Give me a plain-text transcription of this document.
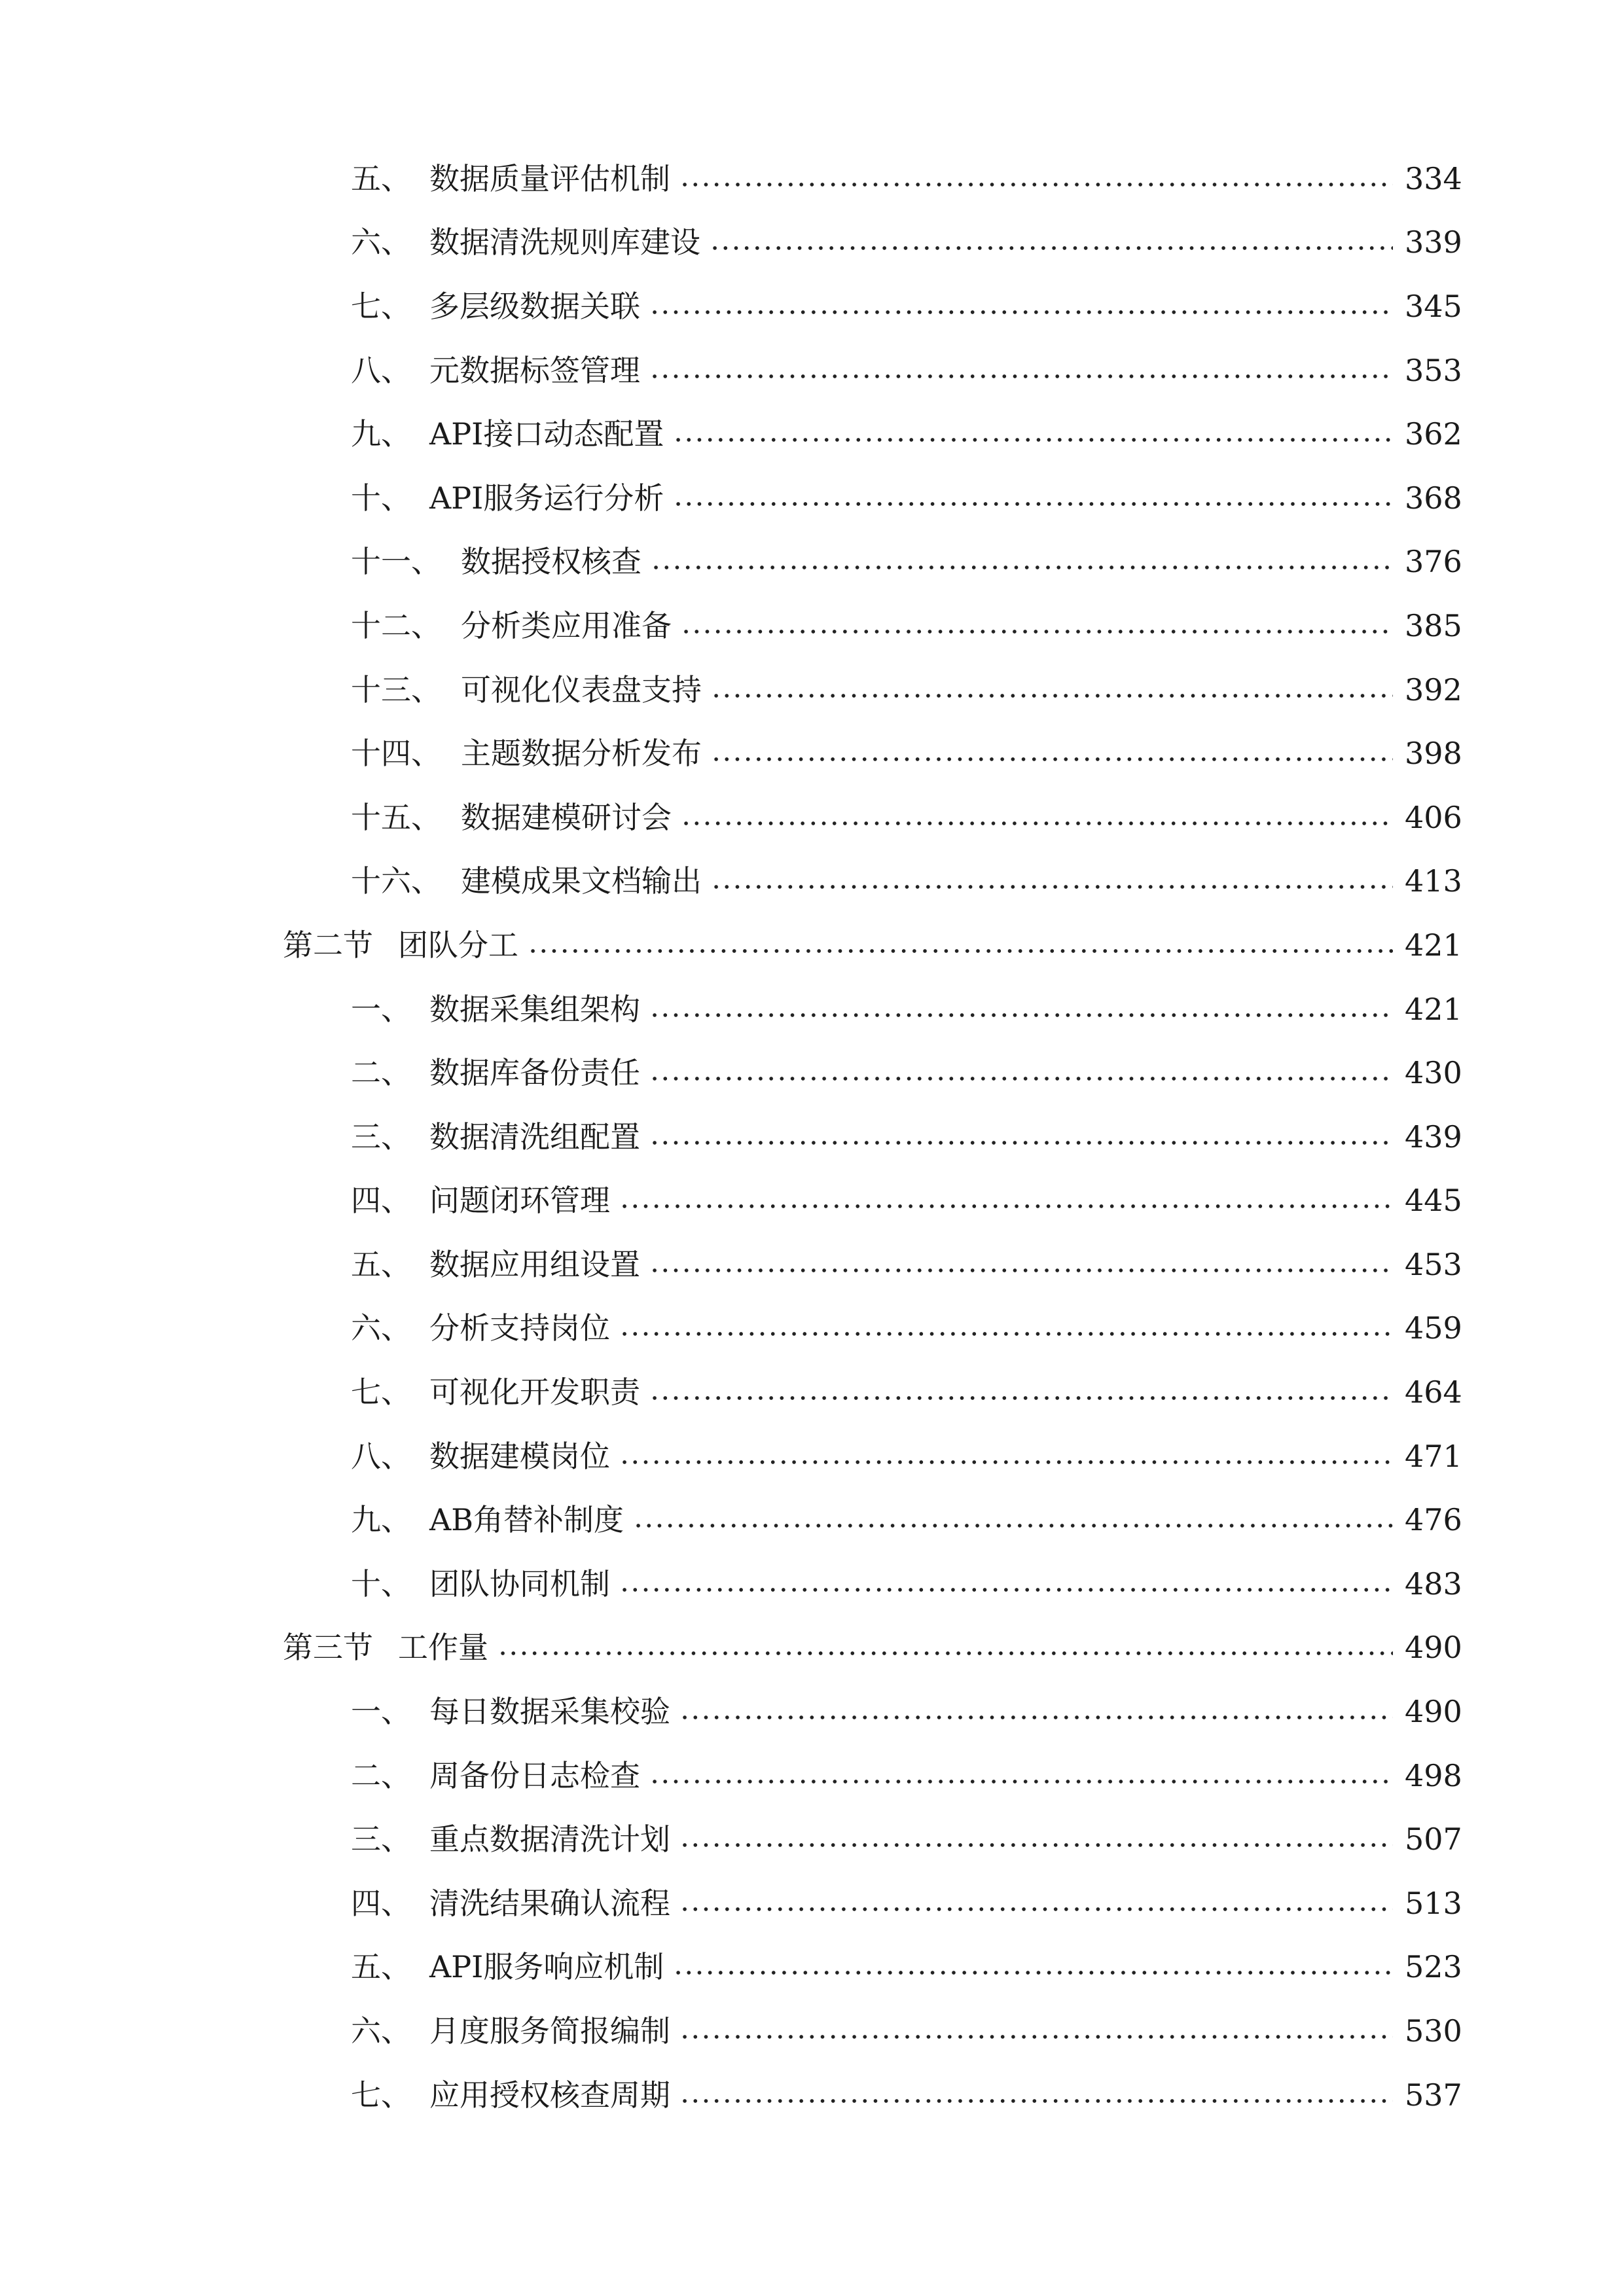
五、 数据质量评估机制	334
六、 数据清洗规则库建设	339
七、 多层级数据关联	345
八、 元数据标签管理	353
九、 API接口动态配置	362
十、 API服务运行分析	368
十一、 数据授权核查	376
十二、 分析类应用准备	385
十三、 可视化仪表盘支持	392
十四、 主题数据分析发布	398
十五、 数据建模研讨会	406
十六、 建模成果文档输出	413
第二节 团队分工	421
一、 数据采集组架构	421
二、 数据库备份责任	430
三、 数据清洗组配置	439
四、 问题闭环管理	445
五、 数据应用组设置	453
六、 分析支持岗位	459
七、 可视化开发职责	464
八、 数据建模岗位	471
九、 AB角替补制度	476
十、 团队协同机制	483
第三节 工作量	490
一、 每日数据采集校验	490
二、 周备份日志检查	498
三、 重点数据清洗计划	507
四、 清洗结果确认流程	513
五、 API服务响应机制	523
六、 月度服务简报编制	530
七、 应用授权核查周期	537
